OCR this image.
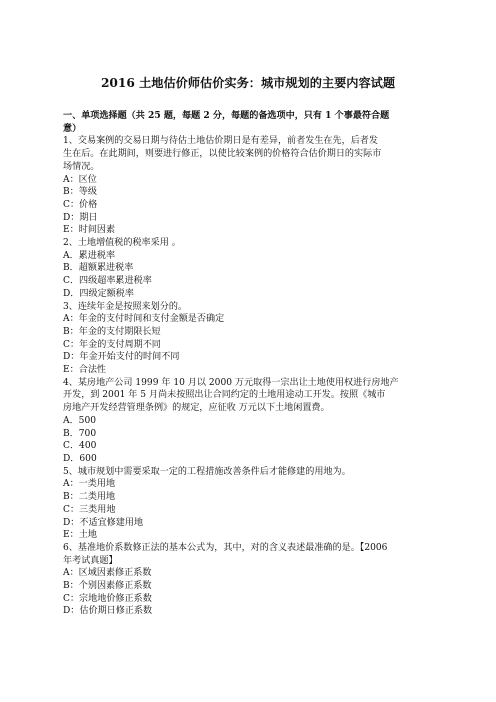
2016 土地估价师估价实务：城市规划的主要内容试题
一、单项选择题（共 25 题，每题 2 分，每题的备选项中，只有 1 个事最符合题
意）
1、交易案例的交易日期与待估土地估价期日是有差异，前者发生在先，后者发
生在后。在此期间，则要进行修正，以使比较案例的价格符合估价期日的实际市
场情况。
A：区位
B：等级
C：价格
D：期日
E：时间因素
2、土地增值税的税率采用 。
A．累进税率
B．超额累进税率
C．四级超率累进税率
D．四级定额税率
3、连续年金是按照来划分的。
A：年金的支付时间和支付金额是否确定
B：年金的支付期限长短
C：年金的支付周期不同
D：年金开始支付的时间不同
E：合法性
4、某房地产公司 1999 年 10 月以 2000 万元取得一宗出让土地使用权进行房地产
开发，到 2001 年 5 月尚未按照出让合同约定的土地用途动工开发。按照《城市
房地产开发经营管理条例》的规定，应征收 万元以下土地闲置费。
A．500
B．700
C．400
D．600
5、城市规划中需要采取一定的工程措施改善条件后才能修建的用地为。
A：一类用地
B：二类用地
C：三类用地
D：不适宜修建用地
E：土地
6、基准地价系数修正法的基本公式为，其中，对的含义表述最准确的是。【2006
年考试真题】
A：区域因素修正系数
B：个别因素修正系数
C：宗地地价修正系数
D：估价期日修正系数
